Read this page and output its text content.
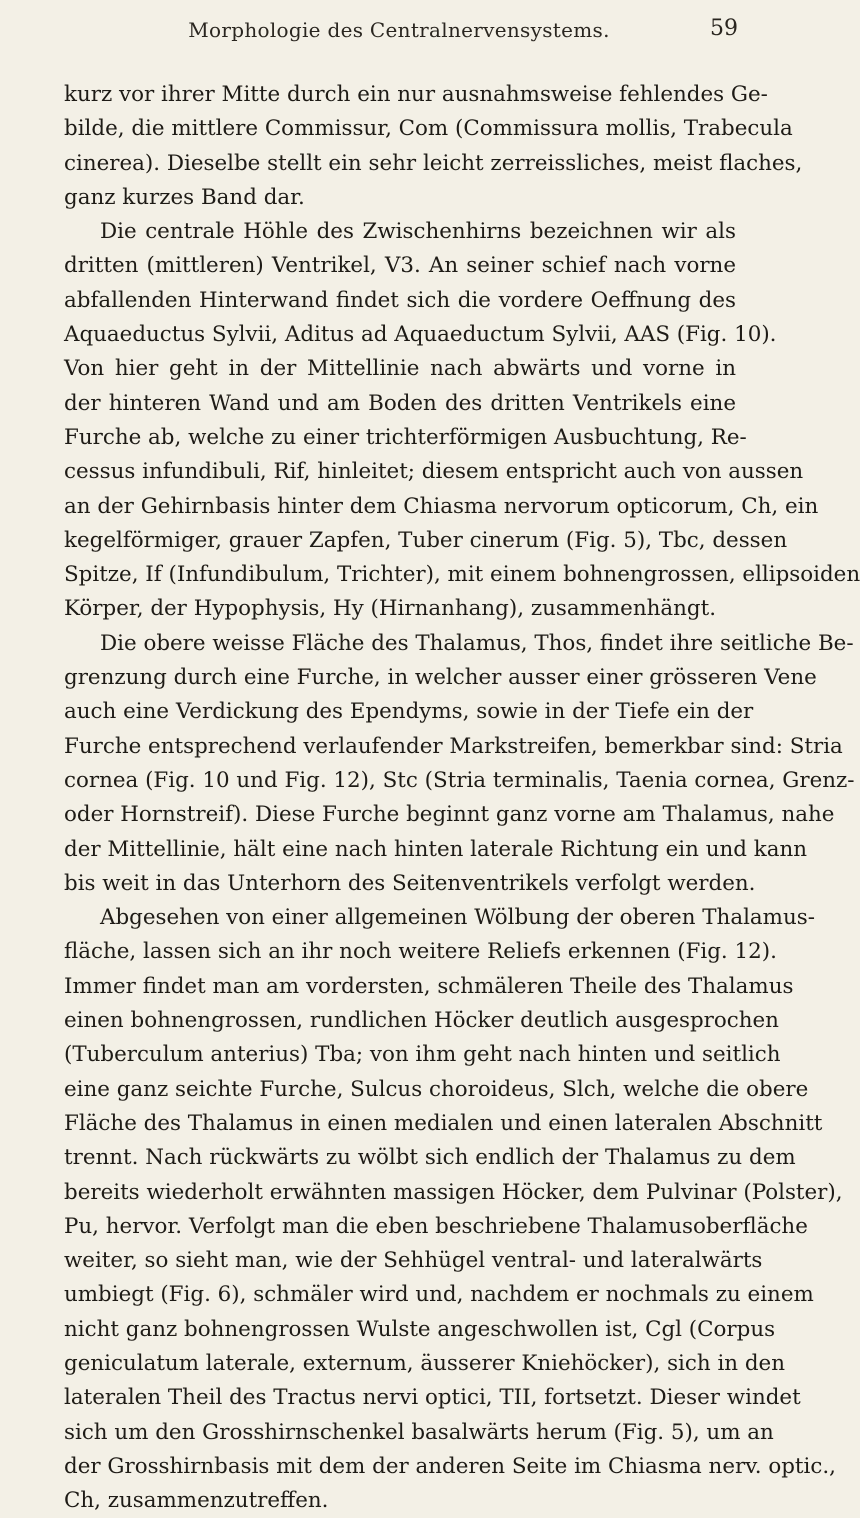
Morphologie des Centralnervensystems.	59
kurz vor ihrer Mitte durch ein nur ausnahmsweise fehlendes Ge-
bilde, die mittlere Commissur, Com (Commissura mollis, Trabecula
cinerea). Dieselbe stellt ein sehr leicht zerreissliches, meist flaches,
ganz kurzes Band dar.
Die centrale Höhle des Zwischenhirns bezeichnen wir als
dritten (mittleren) Ventrikel, V3. An seiner schief nach vorne
abfallenden Hinterwand findet sich die vordere Oeffnung des
Aquaeductus Sylvii, Aditus ad Aquaeductum Sylvii, AAS (Fig. 10).
Von hier geht in der Mittellinie nach abwärts und vorne in
der hinteren Wand und am Boden des dritten Ventrikels eine
Furche ab, welche zu einer trichterförmigen Ausbuchtung, Re-
cessus infundibuli, Rif, hinleitet; diesem entspricht auch von aussen
an der Gehirnbasis hinter dem Chiasma nervorum opticorum, Ch, ein
kegelförmiger, grauer Zapfen, Tuber cinerum (Fig. 5), Tbc, dessen
Spitze, If (Infundibulum, Trichter), mit einem bohnengrossen, ellipsoiden
Körper, der Hypophysis, Hy (Hirnanhang), zusammenhängt.
Die obere weisse Fläche des Thalamus, Thos, findet ihre seitliche Be-
grenzung durch eine Furche, in welcher ausser einer grösseren Vene
auch eine Verdickung des Ependyms, sowie in der Tiefe ein der
Furche entsprechend verlaufender Markstreifen, bemerkbar sind: Stria
cornea (Fig. 10 und Fig. 12), Stc (Stria terminalis, Taenia cornea, Grenz-
oder Hornstreif). Diese Furche beginnt ganz vorne am Thalamus, nahe
der Mittellinie, hält eine nach hinten laterale Richtung ein und kann
bis weit in das Unterhorn des Seitenventrikels verfolgt werden.
Abgesehen von einer allgemeinen Wölbung der oberen Thalamus-
fläche, lassen sich an ihr noch weitere Reliefs erkennen (Fig. 12).
Immer findet man am vordersten, schmäleren Theile des Thalamus
einen bohnengrossen, rundlichen Höcker deutlich ausgesprochen
(Tuberculum anterius) Tba; von ihm geht nach hinten und seitlich
eine ganz seichte Furche, Sulcus choroideus, Slch, welche die obere
Fläche des Thalamus in einen medialen und einen lateralen Abschnitt
trennt. Nach rückwärts zu wölbt sich endlich der Thalamus zu dem
bereits wiederholt erwähnten massigen Höcker, dem Pulvinar (Polster),
Pu, hervor. Verfolgt man die eben beschriebene Thalamusoberfläche
weiter, so sieht man, wie der Sehhügel ventral- und lateralwärts
umbiegt (Fig. 6), schmäler wird und, nachdem er nochmals zu einem
nicht ganz bohnengrossen Wulste angeschwollen ist, Cgl (Corpus
geniculatum laterale, externum, äusserer Kniehöcker), sich in den
lateralen Theil des Tractus nervi optici, TII, fortsetzt. Dieser windet
sich um den Grosshirnschenkel basalwärts herum (Fig. 5), um an
der Grosshirnbasis mit dem der anderen Seite im Chiasma nerv. optic.,
Ch, zusammenzutreffen.
